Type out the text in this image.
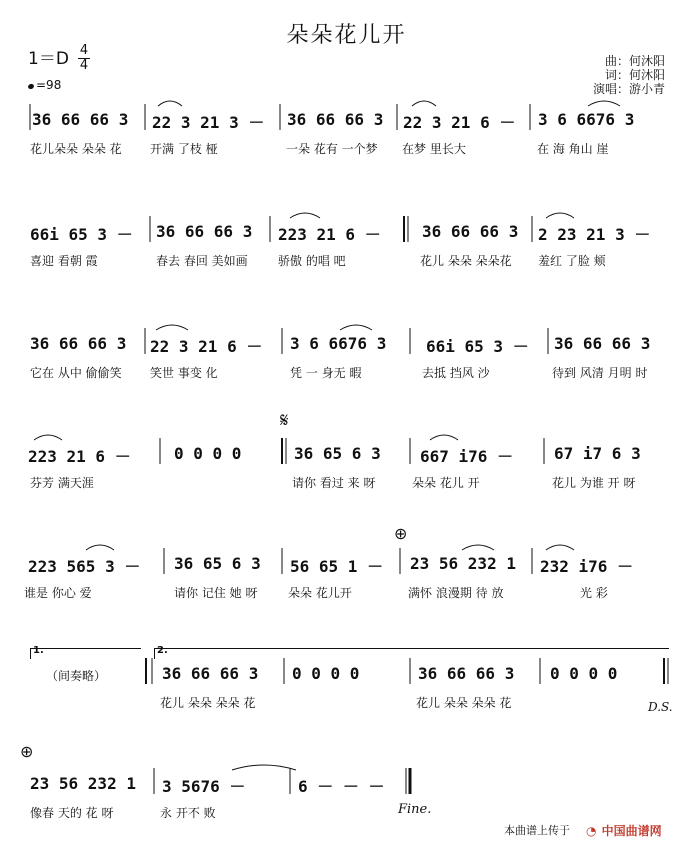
朵朵花儿开
曲：何沐阳
词：何沐阳
演唱：游小青
1＝D 4
4
=98
36 66 66 3 22 3 21 3 － 36 66 66 3 22 3 21 6 － 3 6 6676 3
花儿朵朵 朵朵 花 开满 了枝 桠	一朵 花有 一个梦 在梦 里长大	在 海 角山 崖
66i 65 3 － 36 66 66 3 223 21 6 －	36 66 66 3 2 23 21 3 －
喜迎 看朝 霞	春去 春回 美如画	骄傲 的唱 吧	花儿 朵朵 朵朵花 羞红 了脸 颊
36 66 66 3 22 3 21 6 － 3 6 6676 3 66i 65 3 － 36 66 66 3
它在 从中 偷偷笑 笑世 事变 化	凭 一 身无 暇	去抵 挡风 沙	待到 风清 月明 时
𝄋
223 21 6 －	0 0 0 0	36 65 6 3 667 i76 －	67 i7 6 3
芬芳 满天涯	请你 看过 来 呀	朵朵 花儿 开	花儿 为谁 开 呀
⊕
223 565 3 － 36 65 6 3 56 65 1 － 23 56 232 1 232 i76 －
谁是 你心 爱	请你 记住 她 呀	朵朵 花儿开	满怀 浪漫期 待 放	光 彩
1.	2.
（间奏略）	36 66 66 3 0 0 0 0	36 66 66 3 0 0 0 0
花儿 朵朵 朵朵 花	花儿 朵朵 朵朵 花	D.S.
⊕
23 56 232 1 3 5676 －	6 － － －
像春 天的 花 呀	永 开不 败	Fine.
本曲谱上传于 ◔ 中国曲谱网
